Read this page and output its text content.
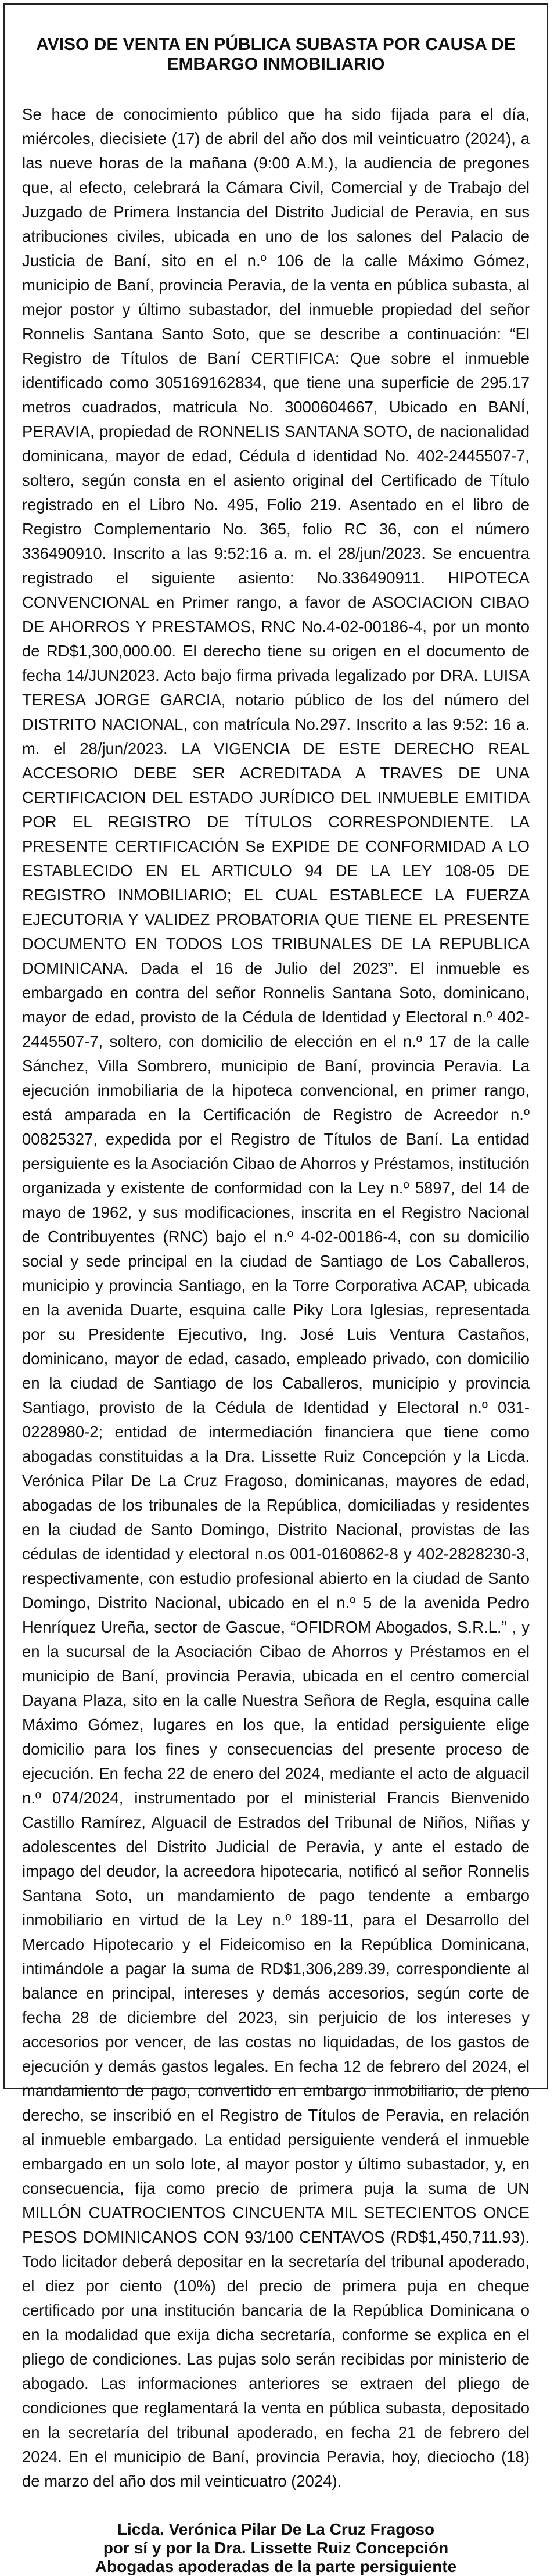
AVISO DE VENTA EN PÚBLICA SUBASTA POR CAUSA DE
EMBARGO INMOBILIARIO

Se hace de conocimiento público que ha sido fijada para el día, miércoles, diecisiete (17) de abril del año dos mil veinticuatro (2024), a las nueve horas de la mañana (9:00 A.M.), la audiencia de pregones que, al efecto, celebrará la Cámara Civil, Comercial y de Trabajo del Juzgado de Primera Instancia del Distrito Judicial de Peravia, en sus atribuciones civiles, ubicada en uno de los salones del Palacio de Justicia de Baní, sito en el n.º 106 de la calle Máximo Gómez, municipio de Baní, provincia Peravia, de la venta en pública subasta, al mejor postor y último subastador, del inmueble propiedad del señor Ronnelis Santana Santo Soto, que se describe a continuación: “El Registro de Títulos de Baní CERTIFICA: Que sobre el inmueble identificado como 305169162834, que tiene una superficie de 295.17 metros cuadrados, matricula No. 3000604667, Ubicado en BANÍ, PERAVIA, propiedad de RONNELIS SANTANA SOTO, de nacionalidad dominicana, mayor de edad, Cédula d identidad No. 402-2445507-7, soltero, según consta en el asiento original del Certificado de Título registrado en el Libro No. 495, Folio 219. Asentado en el libro de Registro Complementario No. 365, folio RC 36, con el número 336490910. Inscrito a las 9:52:16 a. m. el 28/jun/2023. Se encuentra registrado el siguiente asiento: No.336490911. HIPOTECA CONVENCIONAL en Primer rango, a favor de ASOCIACION CIBAO DE AHORROS Y PRESTAMOS, RNC No.4-02-00186-4, por un monto de RD$1,300,000.00. El derecho tiene su origen en el documento de fecha 14/JUN2023. Acto bajo firma privada legalizado por DRA. LUISA TERESA JORGE GARCIA, notario público de los del número del DISTRITO NACIONAL, con matrícula No.297. Inscrito a las 9:52: 16 a. m. el 28/jun/2023. LA VIGENCIA DE ESTE DERECHO REAL ACCESORIO DEBE SER ACREDITADA A TRAVES DE UNA CERTIFICACION DEL ESTADO JURÍDICO DEL INMUEBLE EMITIDA POR EL REGISTRO DE TÍTULOS CORRESPONDIENTE. LA PRESENTE CERTIFICACIÓN Se EXPIDE DE CONFORMIDAD A LO ESTABLECIDO EN EL ARTICULO 94 DE LA LEY 108-05 DE REGISTRO INMOBILIARIO; EL CUAL ESTABLECE LA FUERZA EJECUTORIA Y VALIDEZ PROBATORIA QUE TIENE EL PRESENTE DOCUMENTO EN TODOS LOS TRIBUNALES DE LA REPUBLICA DOMINICANA. Dada el 16 de Julio del 2023”. El inmueble es embargado en contra del señor Ronnelis Santana Soto, dominicano, mayor de edad, provisto de la Cédula de Identidad y Electoral n.º 402-2445507-7, soltero, con domicilio de elección en el n.º 17 de la calle Sánchez, Villa Sombrero, municipio de Baní, provincia Peravia. La ejecución inmobiliaria de la hipoteca convencional, en primer rango, está amparada en la Certificación de Registro de Acreedor n.º 00825327, expedida por el Registro de Títulos de Baní. La entidad persiguiente es la Asociación Cibao de Ahorros y Préstamos, institución organizada y existente de conformidad con la Ley n.º 5897, del 14 de mayo de 1962, y sus modificaciones, inscrita en el Registro Nacional de Contribuyentes (RNC) bajo el n.º 4-02-00186-4, con su domicilio social y sede principal en la ciudad de Santiago de Los Caballeros, municipio y provincia Santiago, en la Torre Corporativa ACAP, ubicada en la avenida Duarte, esquina calle Piky Lora Iglesias, representada por su Presidente Ejecutivo, Ing. José Luis Ventura Castaños, dominicano, mayor de edad, casado, empleado privado, con domicilio en la ciudad de Santiago de los Caballeros, municipio y provincia Santiago, provisto de la Cédula de Identidad y Electoral n.º 031-0228980-2; entidad de intermediación financiera que tiene como abogadas constituidas a la Dra. Lissette Ruiz Concepción y la Licda. Verónica Pilar De La Cruz Fragoso, dominicanas, mayores de edad, abogadas de los tribunales de la República, domiciliadas y residentes en la ciudad de Santo Domingo, Distrito Nacional, provistas de las cédulas de identidad y electoral n.os 001-0160862-8 y 402-2828230-3, respectivamente, con estudio profesional abierto en la ciudad de Santo Domingo, Distrito Nacional, ubicado en el n.º 5 de la avenida Pedro Henríquez Ureña, sector de Gascue, “OFIDROM Abogados, S.R.L.” , y en la sucursal de la Asociación Cibao de Ahorros y Préstamos en el municipio de Baní, provincia Peravia, ubicada en el centro comercial Dayana Plaza, sito en la calle Nuestra Señora de Regla, esquina calle Máximo Gómez, lugares en los que, la entidad persiguiente elige domicilio para los fines y consecuencias del presente proceso de ejecución. En fecha 22 de enero del 2024, mediante el acto de alguacil n.º 074/2024, instrumentado por el ministerial Francis Bienvenido Castillo Ramírez, Alguacil de Estrados del Tribunal de Niños, Niñas y adolescentes del Distrito Judicial de Peravia, y ante el estado de impago del deudor, la acreedora hipotecaria, notificó al señor Ronnelis Santana Soto, un mandamiento de pago tendente a embargo inmobiliario en virtud de la Ley n.º 189-11, para el Desarrollo del Mercado Hipotecario y el Fideicomiso en la República Dominicana, intimándole a pagar la suma de RD$1,306,289.39, correspondiente al balance en principal, intereses y demás accesorios, según corte de fecha 28 de diciembre del 2023, sin perjuicio de los intereses y accesorios por vencer, de las costas no liquidadas, de los gastos de ejecución y demás gastos legales. En fecha 12 de febrero del 2024, el mandamiento de pago, convertido en embargo inmobiliario, de pleno derecho, se inscribió en el Registro de Títulos de Peravia, en relación al inmueble embargado. La entidad persiguiente venderá el inmueble embargado en un solo lote, al mayor postor y último subastador, y, en consecuencia, fija como precio de primera puja la suma de UN MILLÓN CUATROCIENTOS CINCUENTA MIL SETECIENTOS ONCE PESOS DOMINICANOS CON 93/100 CENTAVOS (RD$1,450,711.93). Todo licitador deberá depositar en la secretaría del tribunal apoderado, el diez por ciento (10%) del precio de primera puja en cheque certificado por una institución bancaria de la República Dominicana o en la modalidad que exija dicha secretaría, conforme se explica en el pliego de condiciones. Las pujas solo serán recibidas por ministerio de abogado. Las informaciones anteriores se extraen del pliego de condiciones que reglamentará la venta en pública subasta, depositado en la secretaría del tribunal apoderado, en fecha 21 de febrero del 2024. En el municipio de Baní, provincia Peravia, hoy, dieciocho (18) de marzo del año dos mil veinticuatro (2024).

Licda. Verónica Pilar De La Cruz Fragoso
por sí y por la Dra. Lissette Ruiz Concepción
Abogadas apoderadas de la parte persiguiente
